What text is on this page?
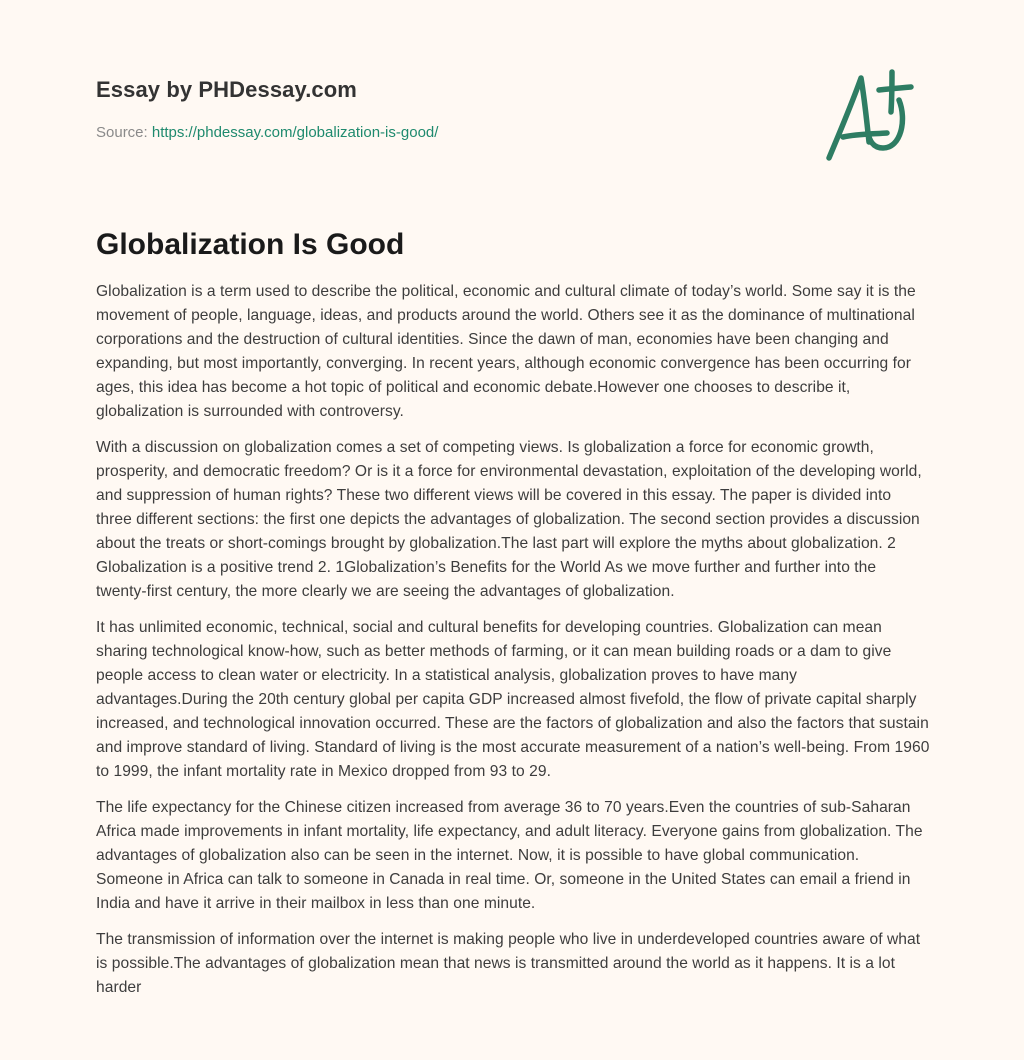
Essay by PHDessay.com
Source: https://phdessay.com/globalization-is-good/
Globalization Is Good

Globalization is a term used to describe the political, economic and cultural climate of today’s world. Some say it is the movement of people, language, ideas, and products around the world. Others see it as the dominance of multinational corporations and the destruction of cultural identities. Since the dawn of man, economies have been changing and expanding, but most importantly, converging. In recent years, although economic convergence has been occurring for ages, this idea has become a hot topic of political and economic debate.However one chooses to describe it, globalization is surrounded with controversy.

With a discussion on globalization comes a set of competing views. Is globalization a force for economic growth, prosperity, and democratic freedom? Or is it a force for environmental devastation, exploitation of the developing world, and suppression of human rights? These two different views will be covered in this essay. The paper is divided into three different sections: the first one depicts the advantages of globalization. The second section provides a discussion about the treats or short-comings brought by globalization.The last part will explore the myths about globalization. 2 Globalization is a positive trend 2. 1Globalization’s Benefits for the World As we move further and further into the twenty-first century, the more clearly we are seeing the advantages of globalization.

It has unlimited economic, technical, social and cultural benefits for developing countries. Globalization can mean sharing technological know-how, such as better methods of farming, or it can mean building roads or a dam to give people access to clean water or electricity. In a statistical analysis, globalization proves to have many advantages.During the 20th century global per capita GDP increased almost fivefold, the flow of private capital sharply increased, and technological innovation occurred. These are the factors of globalization and also the factors that sustain and improve standard of living. Standard of living is the most accurate measurement of a nation’s well-being. From 1960 to 1999, the infant mortality rate in Mexico dropped from 93 to 29.

The life expectancy for the Chinese citizen increased from average 36 to 70 years.Even the countries of sub-Saharan Africa made improvements in infant mortality, life expectancy, and adult literacy. Everyone gains from globalization. The advantages of globalization also can be seen in the internet. Now, it is possible to have global communication. Someone in Africa can talk to someone in Canada in real time. Or, someone in the United States can email a friend in India and have it arrive in their mailbox in less than one minute.

The transmission of information over the internet is making people who live in underdeveloped countries aware of what is possible.The advantages of globalization mean that news is transmitted around the world as it happens. It is a lot harder
